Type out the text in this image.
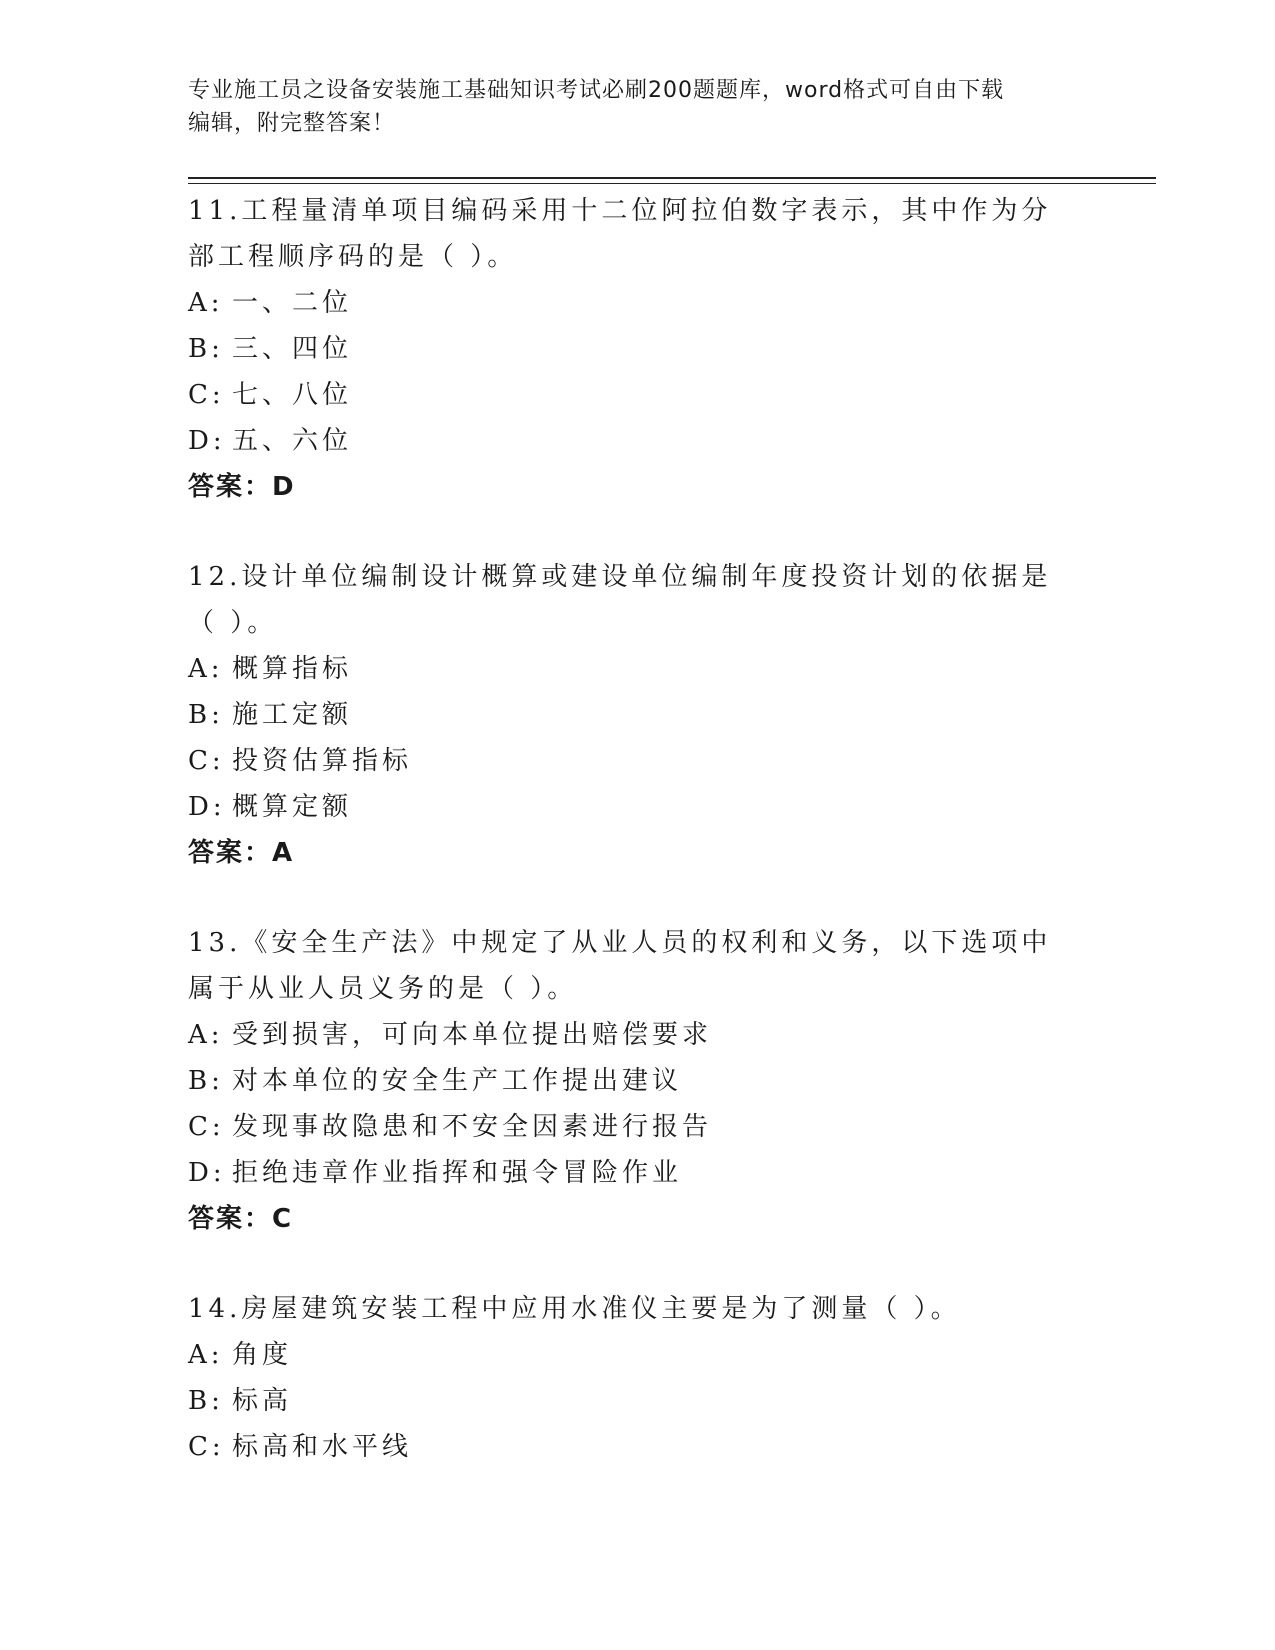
专业施工员之设备安装施工基础知识考试必刷200题题库，word格式可自由下载
编辑，附完整答案！
11.工程量清单项目编码采用十二位阿拉伯数字表示，其中作为分部工程顺序码的是（ ）。
A: 一、二位
B: 三、四位
C: 七、八位
D: 五、六位
答案：D
12.设计单位编制设计概算或建设单位编制年度投资计划的依据是（ ）。
A: 概算指标
B: 施工定额
C: 投资估算指标
D: 概算定额
答案：A
13.《安全生产法》中规定了从业人员的权利和义务，以下选项中属于从业人员义务的是（ ）。
A: 受到损害，可向本单位提出赔偿要求
B: 对本单位的安全生产工作提出建议
C: 发现事故隐患和不安全因素进行报告
D: 拒绝违章作业指挥和强令冒险作业
答案：C
14.房屋建筑安装工程中应用水准仪主要是为了测量（ ）。
A: 角度
B: 标高
C: 标高和水平线
